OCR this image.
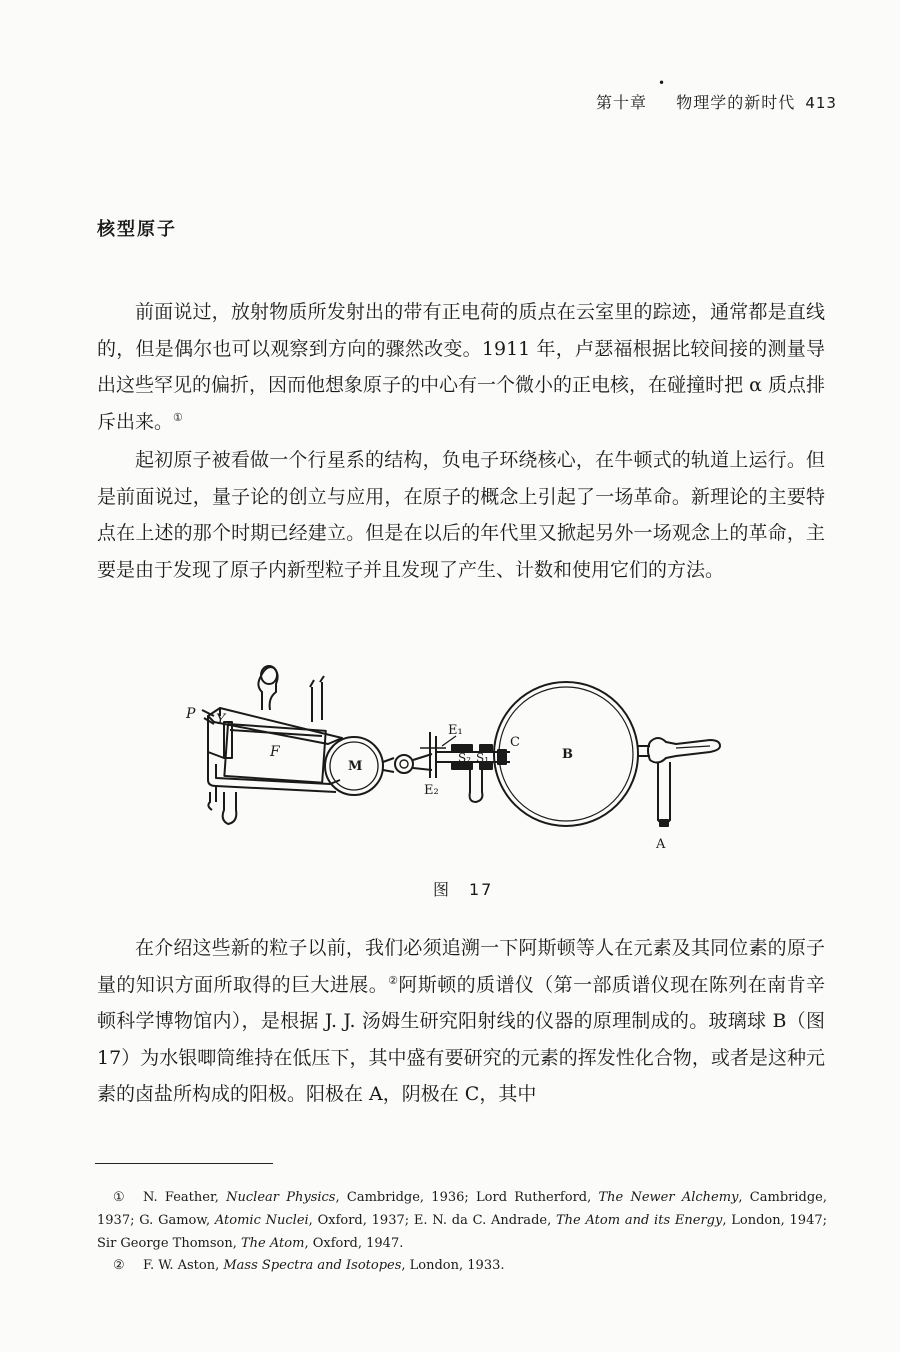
•
第十章   物理学的新时代 413
核型原子

前面说过，放射物质所发射出的带有正电荷的质点在云室里的踪迹，通常都是直线的，但是偶尔也可以观察到方向的骤然改变。1911 年，卢瑟福根据比较间接的测量导出这些罕见的偏折，因而他想象原子的中心有一个微小的正电核，在碰撞时把 α 质点排斥出来。①

起初原子被看做一个行星系的结构，负电子环绕核心，在牛顿式的轨道上运行。但是前面说过，量子论的创立与应用，在原子的概念上引起了一场革命。新理论的主要特点在上述的那个时期已经建立。但是在以后的年代里又掀起另外一场观念上的革命，主要是由于发现了原子内新型粒子并且发现了产生、计数和使用它们的方法。

P Y
F
M
E₁
E₂
S₂ S₁
C
B
A
图　17

在介绍这些新的粒子以前，我们必须追溯一下阿斯顿等人在元素及其同位素的原子量的知识方面所取得的巨大进展。②阿斯顿的质谱仪（第一部质谱仪现在陈列在南肯辛顿科学博物馆内），是根据 J. J. 汤姆生研究阳射线的仪器的原理制成的。玻璃球 B（图 17）为水银唧筒维持在低压下，其中盛有要研究的元素的挥发性化合物，或者是这种元素的卤盐所构成的阳极。阳极在 A，阴极在 C，其中

① N. Feather, Nuclear Physics, Cambridge, 1936; Lord Rutherford, The Newer Alchemy, Cambridge, 1937; G. Gamow, Atomic Nuclei, Oxford, 1937; E. N. da C. Andrade, The Atom and its Energy, London, 1947; Sir George Thomson, The Atom, Oxford, 1947.

② F. W. Aston, Mass Spectra and Isotopes, London, 1933.
